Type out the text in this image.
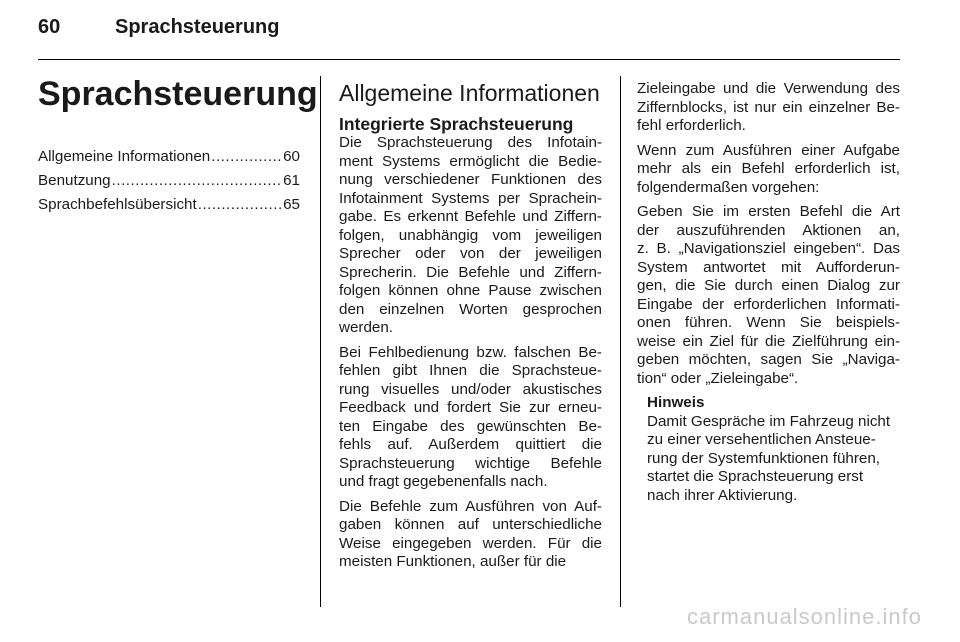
60	Sprachsteuerung
Sprachsteuerung
Allgemeine Informationen .....	60
Benutzung .....	61
Sprachbefehlsübersicht .....	65
Allgemeine Informationen
Integrierte Sprachsteuerung

Die Sprachsteuerung des Infotain-
ment Systems ermöglicht die Bedie-
nung verschiedener Funktionen des
Infotainment Systems per Sprachein-
gabe. Es erkennt Befehle und Ziffern-
folgen, unabhängig vom jeweiligen
Sprecher oder von der jeweiligen
Sprecherin. Die Befehle und Ziffern-
folgen können ohne Pause zwischen
den einzelnen Worten gesprochen
werden.

Bei Fehlbedienung bzw. falschen Be-
fehlen gibt Ihnen die Sprachsteue-
rung visuelles und/oder akustisches
Feedback und fordert Sie zur erneu-
ten Eingabe des gewünschten Be-
fehls auf. Außerdem quittiert die
Sprachsteuerung wichtige Befehle
und fragt gegebenenfalls nach.

Die Befehle zum Ausführen von Auf-
gaben können auf unterschiedliche
Weise eingegeben werden. Für die
meisten Funktionen, außer für die

Zieleingabe und die Verwendung des
Ziffernblocks, ist nur ein einzelner Be-
fehl erforderlich.

Wenn zum Ausführen einer Aufgabe
mehr als ein Befehl erforderlich ist,
folgendermaßen vorgehen:

Geben Sie im ersten Befehl die Art
der auszuführenden Aktionen an,
z. B. „Navigationsziel eingeben“. Das
System antwortet mit Aufforderun-
gen, die Sie durch einen Dialog zur
Eingabe der erforderlichen Informati-
onen führen. Wenn Sie beispiels-
weise ein Ziel für die Zielführung ein-
geben möchten, sagen Sie „Naviga-
tion“ oder „Zieleingabe“.

Hinweis
Damit Gespräche im Fahrzeug nicht
zu einer versehentlichen Ansteue-
rung der Systemfunktionen führen,
startet die Sprachsteuerung erst
nach ihrer Aktivierung.
carmanualsonline.info
